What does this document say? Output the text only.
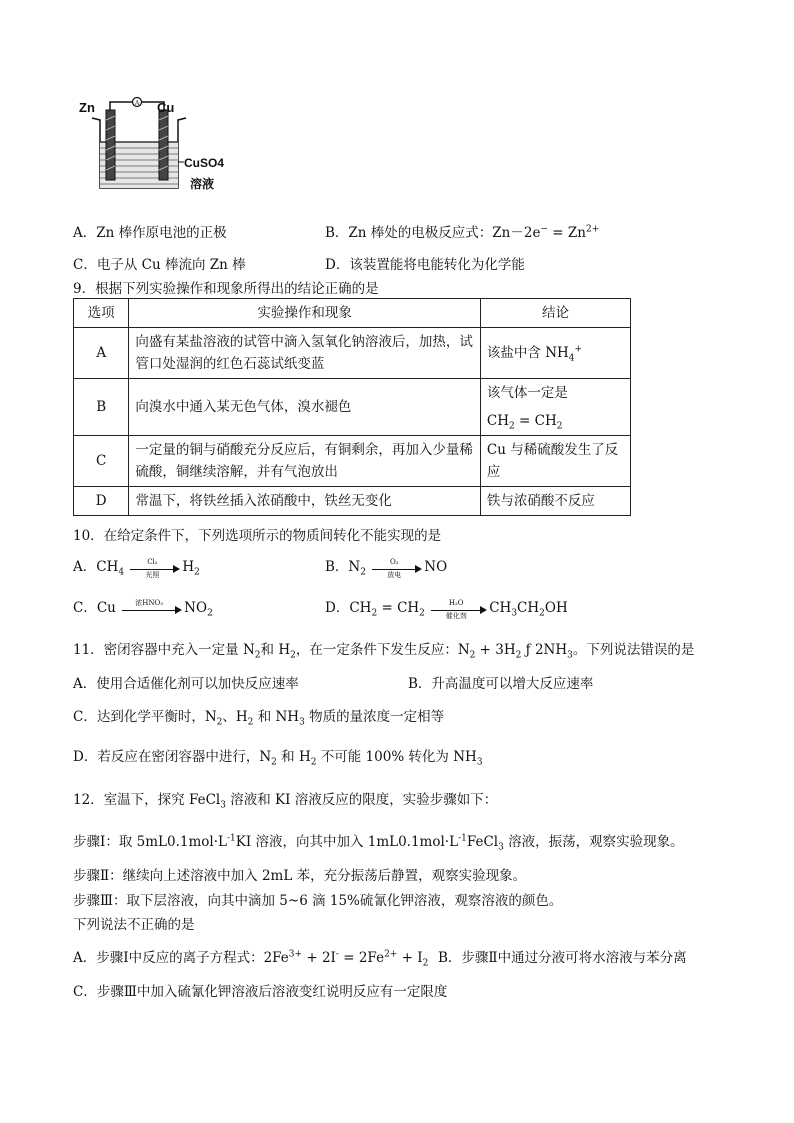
A
Zn	Cu
CuSO4
溶液
A．Zn 棒作原电池的正极	B．Zn 棒处的电极反应式：$Zn-2e^- = Zn^{2+}$
C．电子从 Cu 棒流向 Zn 棒	D．该装置能将电能转化为化学能
9．根据下列实验操作和现象所得出的结论正确的是
选项	实验操作和现象	结论
A	向盛有某盐溶液的试管中滴入氢氧化钠溶液后，加热，试管口处湿润的红色石蕊试纸变蓝	该盐中含 $NH_4^+$
B	向溴水中通入某无色气体，溴水褪色	该气体一定是
$CH_2 = CH_2$

C	一定量的铜与硝酸充分反应后，有铜剩余，再加入少量稀硫酸，铜继续溶解，并有气泡放出	Cu 与稀硫酸发生了反应
D	常温下，将铁丝插入浓硝酸中，铁丝无变化	铁与浓硝酸不反应
10．在给定条件下，下列选项所示的物质间转化不能实现的是
A．$CH_4$
Cl₂
光照	$H_2$	B．$N_2$
O₂
放电	NO
C．Cu	浓HNO₃	$NO_2$	D．$CH_2 = CH_2$
H₂O
催化剂	$CH_3CH_2OH$
11．密闭容器中充入一定量 $N_2$和 $H_2$，在一定条件下发生反应：$N_2 + 3H_2$ ƒ $2NH_3$。下列说法错误的是
A．使用合适催化剂可以加快反应速率	B．升高温度可以增大反应速率
C．达到化学平衡时，$N_2$、$H_2$ 和 $NH_3$ 物质的量浓度一定相等
D．若反应在密闭容器中进行，$N_2$ 和 $H_2$ 不可能 100% 转化为 $NH_3$
12．室温下，探究 FeCl$_3$ 溶液和 KI 溶液反应的限度，实验步骤如下：
步骤Ⅰ：取 $5mL0.1mol\cdot L^{-1}KI$ 溶液，向其中加入 $1mL0.1mol\cdot L^{-1}FeCl_3$ 溶液，振荡，观察实验现象。
步骤Ⅱ：继续向上述溶液中加入 2mL 苯，充分振荡后静置，观察实验现象。
步骤Ⅲ：取下层溶液，向其中滴加 5~6 滴 15%硫氰化钾溶液，观察溶液的颜色。
下列说法不正确的是
A．步骤Ⅰ中反应的离子方程式：$2Fe^{3+} + 2I^- = 2Fe^{2+} + I_2$ B．步骤Ⅱ中通过分液可将水溶液与苯分离
C．步骤Ⅲ中加入硫氰化钾溶液后溶液变红说明反应有一定限度
